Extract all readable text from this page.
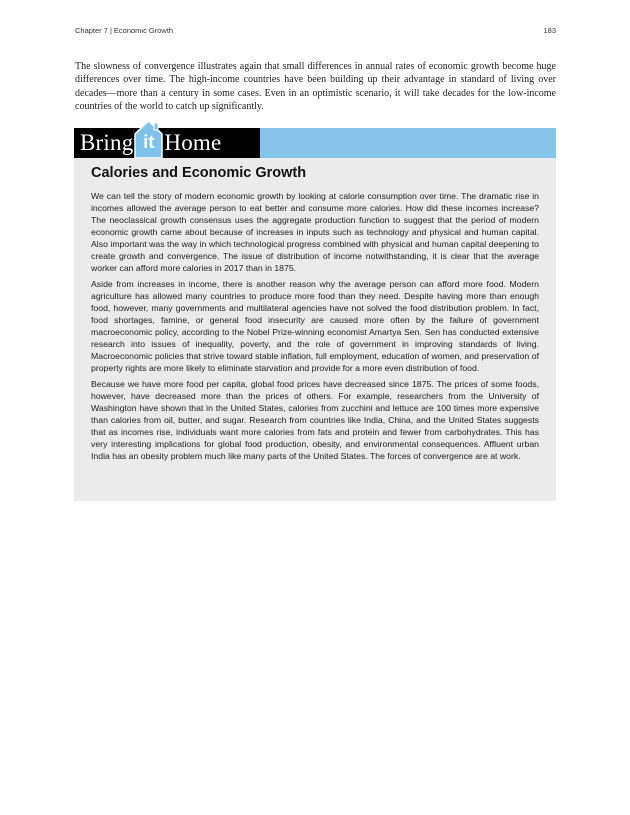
Chapter 7 | Economic Growth	183

The slowness of convergence illustrates again that small differences in annual rates of economic growth become huge differences over time. The high-income countries have been building up their advantage in standard of living over decades—more than a century in some cases. Even in an optimistic scenario, it will take decades for the low-income countries of the world to catch up significantly.

Bring it Home
Calories and Economic Growth

We can tell the story of modern economic growth by looking at calorie consumption over time. The dramatic rise in incomes allowed the average person to eat better and consume more calories. How did these incomes increase? The neoclassical growth consensus uses the aggregate production function to suggest that the period of modern economic growth came about because of increases in inputs such as technology and physical and human capital. Also important was the way in which technological progress combined with physical and human capital deepening to create growth and convergence. The issue of distribution of income notwithstanding, it is clear that the average worker can afford more calories in 2017 than in 1875.

Aside from increases in income, there is another reason why the average person can afford more food. Modern agriculture has allowed many countries to produce more food than they need. Despite having more than enough food, however, many governments and multilateral agencies have not solved the food distribution problem. In fact, food shortages, famine, or general food insecurity are caused more often by the failure of government macroeconomic policy, according to the Nobel Prize-winning economist Amartya Sen. Sen has conducted extensive research into issues of inequality, poverty, and the role of government in improving standards of living. Macroeconomic policies that strive toward stable inflation, full employment, education of women, and preservation of property rights are more likely to eliminate starvation and provide for a more even distribution of food.

Because we have more food per capita, global food prices have decreased since 1875. The prices of some foods, however, have decreased more than the prices of others. For example, researchers from the University of Washington have shown that in the United States, calories from zucchini and lettuce are 100 times more expensive than calories from oil, butter, and sugar. Research from countries like India, China, and the United States suggests that as incomes rise, individuals want more calories from fats and protein and fewer from carbohydrates. This has very interesting implications for global food production, obesity, and environmental consequences. Affluent urban India has an obesity problem much like many parts of the United States. The forces of convergence are at work.
